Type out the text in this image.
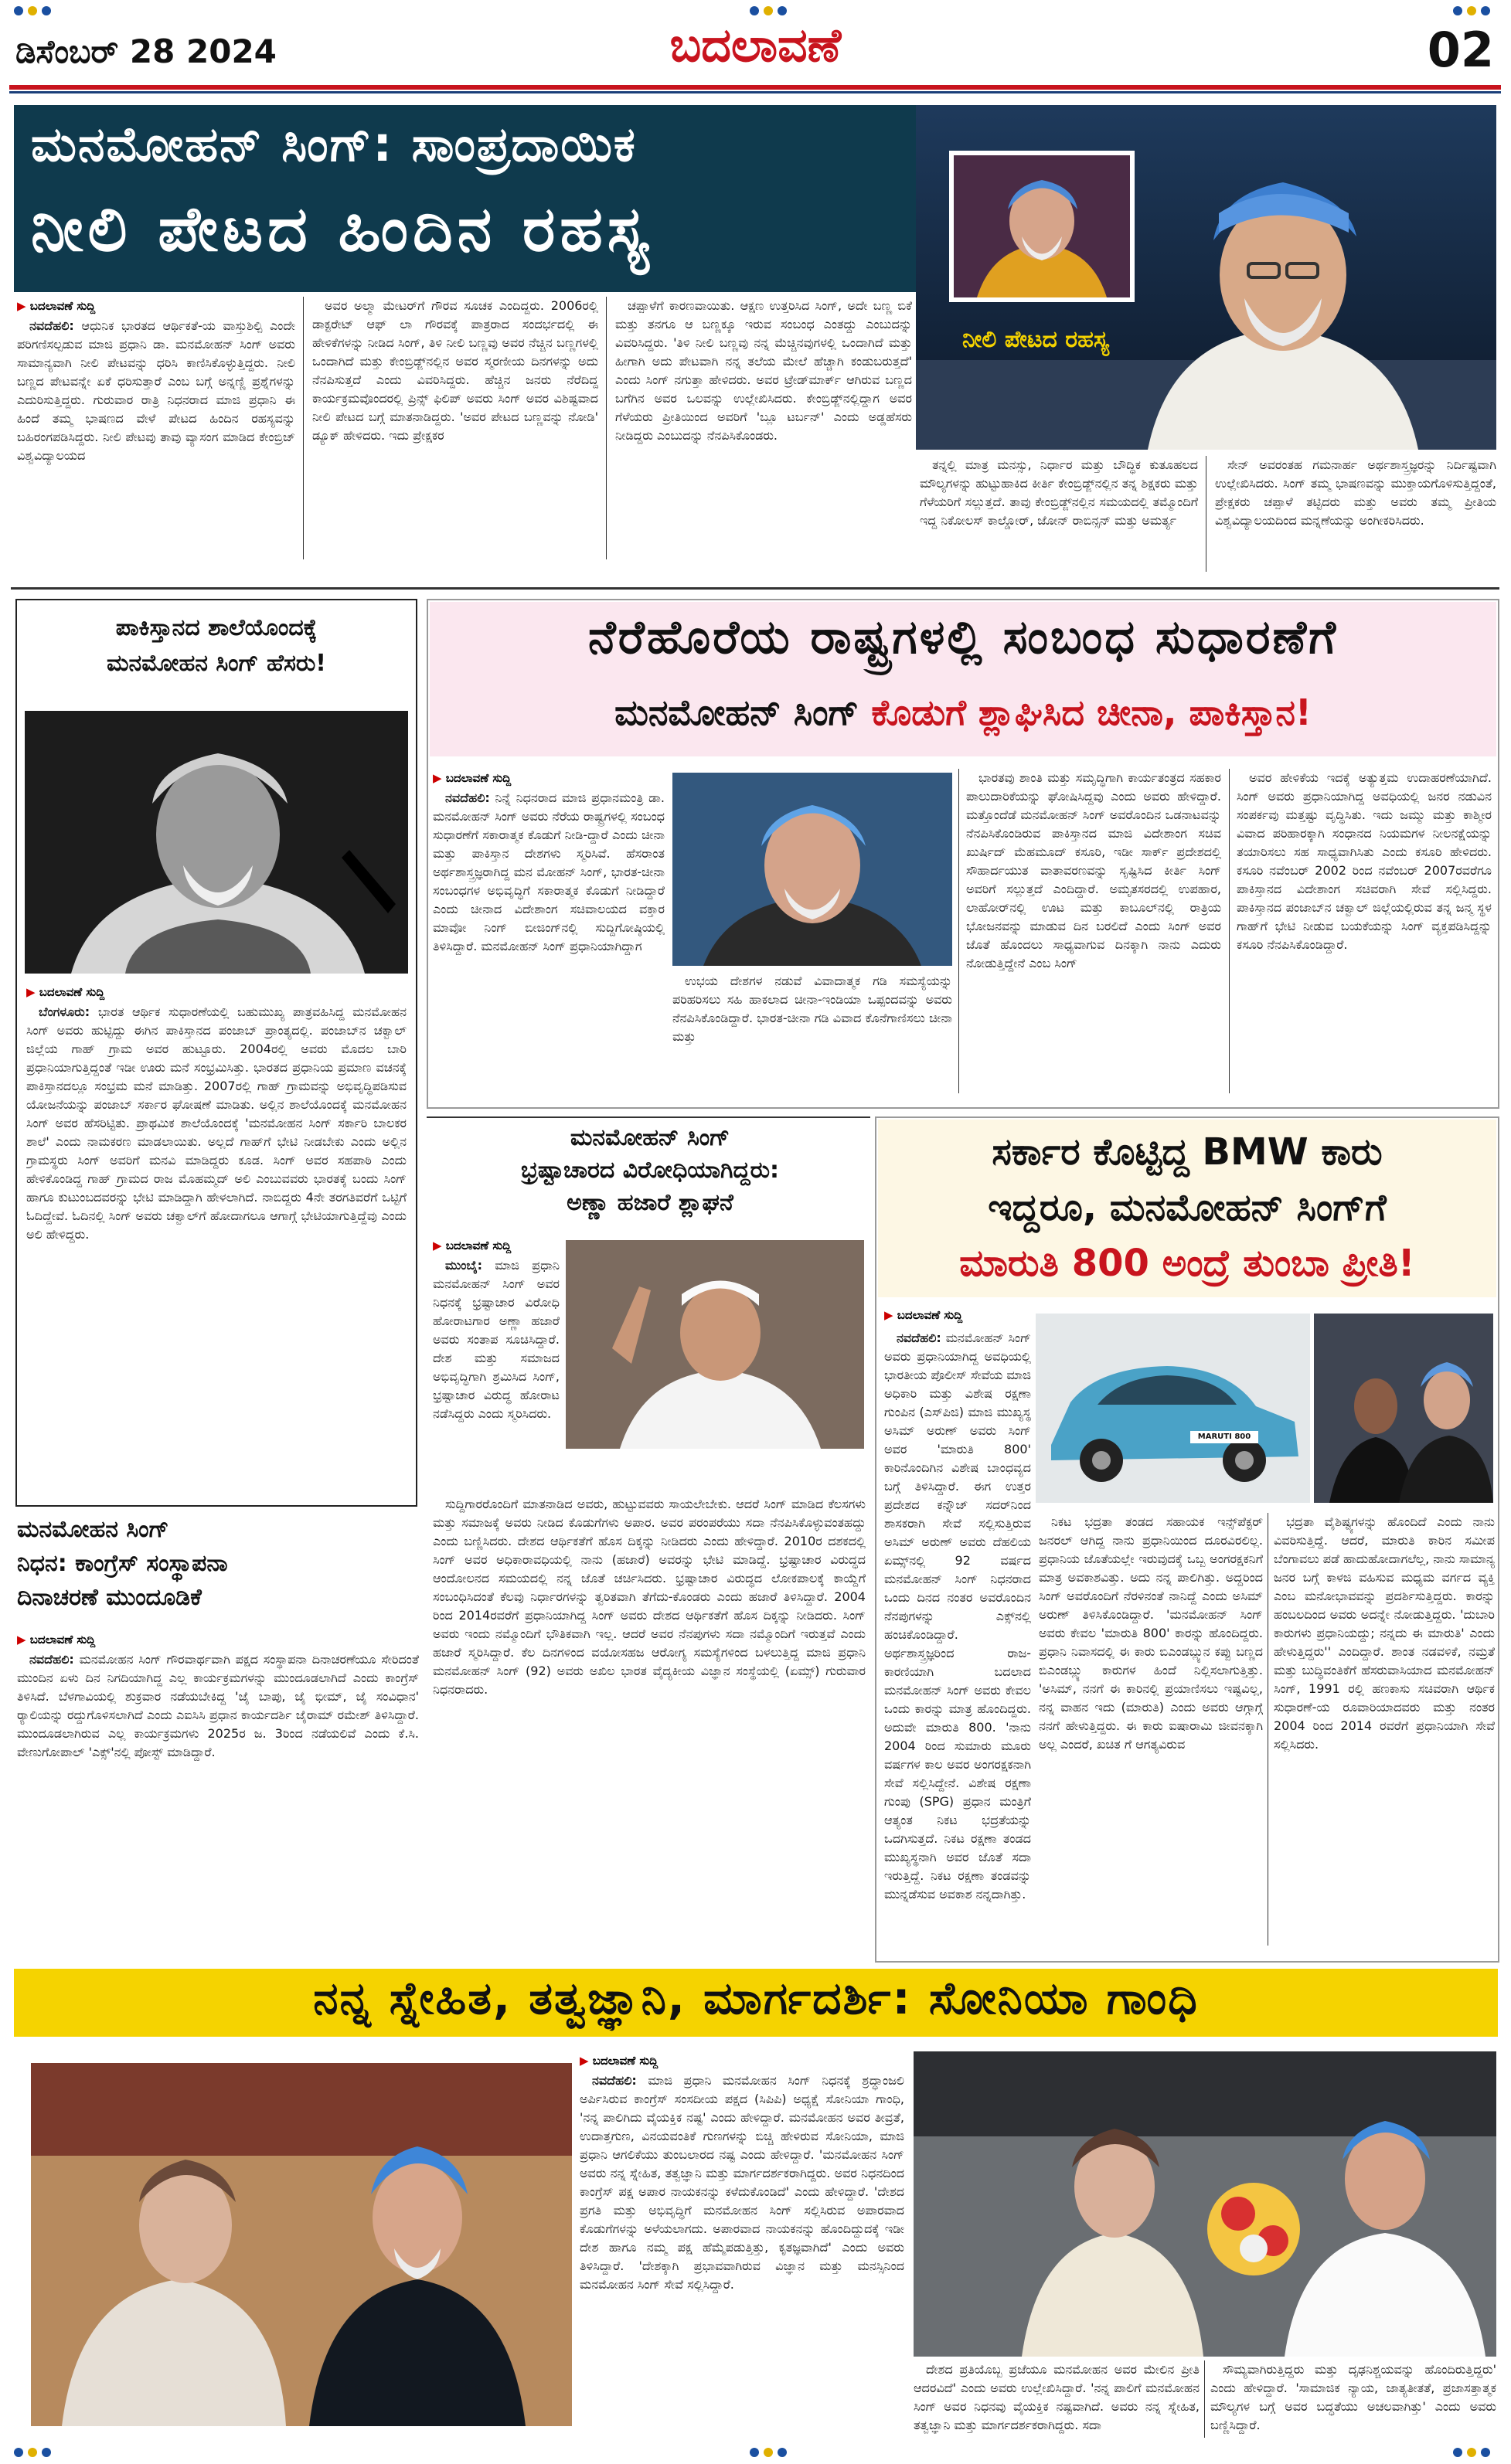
ಡಿಸೆಂಬರ್ 28 2024	ಬದಲಾವಣೆ	02
ಮನಮೋಹನ್ ಸಿಂಗ್: ಸಾಂಪ್ರದಾಯಿಕ
ನೀಲಿ ಪೇಟದ ಹಿಂದಿನ ರಹಸ್ಯ
ನೀಲಿ ಪೇಟದ ರಹಸ್ಯ
▶ ಬದಲಾವಣೆ ಸುದ್ದಿ

ನವದೆಹಲಿ: ಆಧುನಿಕ ಭಾರತದ ಆರ್ಥಿಕತೆ-ಯ ವಾಸ್ತುಶಿಲ್ಪಿ ಎಂದೇ ಪರಿಗಣಿಸಲ್ಪಡುವ ಮಾಜಿ ಪ್ರಧಾನಿ ಡಾ. ಮನಮೋಹನ್ ಸಿಂಗ್ ಅವರು ಸಾಮಾನ್ಯವಾಗಿ ನೀಲಿ ಪೇಟವನ್ನು ಧರಿಸಿ ಕಾಣಿಸಿಕೊಳ್ಳುತ್ತಿದ್ದರು. ನೀಲಿ ಬಣ್ಣದ ಪೇಟವನ್ನೇ ಏಕೆ ಧರಿಸುತ್ತಾರೆ ಎಂಬ ಬಗ್ಗೆ ಅನ್ನಣ್ಣಿ ಪ್ರಶ್ನೆಗಳನ್ನು ಎದುರಿಸುತ್ತಿದ್ದರು. ಗುರುವಾರ ರಾತ್ರಿ ನಿಧನರಾದ ಮಾಜಿ ಪ್ರಧಾನಿ ಈ ಹಿಂದೆ ತಮ್ಮ ಭಾಷಣದ ವೇಳೆ ಪೇಟದ ಹಿಂದಿನ ರಹಸ್ಯವನ್ನು ಬಹಿರಂಗಪಡಿಸಿದ್ದರು. ನೀಲಿ ಪೇಟವು ತಾವು ವ್ಯಾಸಂಗ ಮಾಡಿದ ಕೇಂಬ್ರಿಜ್ ವಿಶ್ವವಿದ್ಯಾಲಯದ

ಅವರ ಅಲ್ಮಾ ಮೇಟರ್‌ಗೆ ಗೌರವ ಸೂಚಕ ಎಂದಿದ್ದರು. 2006ರಲ್ಲಿ ಡಾಕ್ಟರೇಟ್ ಆಫ್ ಲಾ ಗೌರವಕ್ಕೆ ಪಾತ್ರರಾದ ಸಂದರ್ಭದಲ್ಲಿ ಈ ಹೇಳಿಕೆಗಳನ್ನು ನೀಡಿದ ಸಿಂಗ್, ತಿಳಿ ನೀಲಿ ಬಣ್ಣವು ಅವರ ನೆಚ್ಚಿನ ಬಣ್ಣಗಳಲ್ಲಿ ಒಂದಾಗಿದೆ ಮತ್ತು ಕೇಂಬ್ರಿಡ್ಜ್‌ನಲ್ಲಿನ ಅವರ ಸ್ಮರಣೀಯ ದಿನಗಳನ್ನು ಅದು ನೆನಪಿಸುತ್ತದೆ ಎಂದು ವಿವರಿಸಿದ್ದರು. ಹೆಚ್ಚಿನ ಜನರು ನೆರೆದಿದ್ದ ಕಾರ್ಯಕ್ರಮವೊಂದರಲ್ಲಿ ಪ್ರಿನ್ಸ್ ಫಿಲಿಪ್ ಅವರು ಸಿಂಗ್ ಅವರ ವಿಶಿಷ್ಟವಾದ ನೀಲಿ ಪೇಟದ ಬಗ್ಗೆ ಮಾತನಾಡಿದ್ದರು. 'ಅವರ ಪೇಟದ ಬಣ್ಣವನ್ನು ನೋಡಿ' ಡ್ಯೂಕ್ ಹೇಳಿದರು. ಇದು ಪ್ರೇಕ್ಷಕರ

ಚಪ್ಪಾಳೆಗೆ ಕಾರಣವಾಯಿತು. ಆಕ್ಷಣ ಉತ್ತರಿಸಿದ ಸಿಂಗ್, ಅದೇ ಬಣ್ಣ ಬಿಕೆ ಮತ್ತು ತನಗೂ ಆ ಬಣ್ಣಕ್ಕೂ ಇರುವ ಸಂಬಂಧ ಎಂತದ್ದು ಎಂಬುದನ್ನು ವಿವರಿಸಿದ್ದರು. 'ತಿಳಿ ನೀಲಿ ಬಣ್ಣವು ನನ್ನ ಮೆಚ್ಚಿನವುಗಳಲ್ಲಿ ಒಂದಾಗಿದೆ ಮತ್ತು ಹೀಗಾಗಿ ಅದು ಪೇಟವಾಗಿ ನನ್ನ ತಲೆಯ ಮೇಲೆ ಹೆಚ್ಚಾಗಿ ಕಂಡುಬರುತ್ತದೆ' ಎಂದು ಸಿಂಗ್ ನಗುತ್ತಾ ಹೇಳಿದರು. ಅವರ ಟ್ರೇಡ್‌ಮಾರ್ಕ್ ಆಗಿರುವ ಬಣ್ಣದ ಬಗೆಗಿನ ಅವರ ಒಲವನ್ನು ಉಲ್ಲೇಖಿಸಿದರು. ಕೇಂಬ್ರಿಡ್ಜ್‌ನಲ್ಲಿದ್ದಾಗ ಅವರ ಗೆಳೆಯರು ಪ್ರೀತಿಯಿಂದ ಅವರಿಗೆ 'ಬ್ಲೂ ಟರ್ಬನ್' ಎಂದು ಅಡ್ಡಹೆಸರು ನೀಡಿದ್ದರು ಎಂಬುದನ್ನು ನೆನಪಿಸಿಕೊಂಡರು.

ತನ್ನಲ್ಲಿ ಮಾತ್ರ ಮನಸ್ಸು, ನಿರ್ಧಾರ ಮತ್ತು ಬೌದ್ಧಿಕ ಕುತೂಹಲದ ಮೌಲ್ಯಗಳನ್ನು ಹುಟ್ಟುಹಾಕಿದ ಕೀರ್ತಿ ಕೇಂಬ್ರಿಡ್ಜ್‌ನಲ್ಲಿನ ತನ್ನ ಶಿಕ್ಷಕರು ಮತ್ತು ಗೆಳೆಯರಿಗೆ ಸಲ್ಲುತ್ತದೆ. ತಾವು ಕೇಂಬ್ರಿಡ್ಜ್‌ನಲ್ಲಿನ ಸಮಯದಲ್ಲಿ ತಮ್ಮೊಂದಿಗೆ ಇದ್ದ ನಿಕೋಲಸ್ ಕಾಲ್ಡೋರ್, ಜೋನ್ ರಾಬಿನ್ಸನ್ ಮತ್ತು ಅಮರ್ತ್ಯ

ಸೇನ್ ಅವರಂತಹ ಗಮನಾರ್ಹ ಅರ್ಥಶಾಸ್ತ್ರಜ್ಞರನ್ನು ನಿರ್ದಿಷ್ಟವಾಗಿ ಉಲ್ಲೇಖಿಸಿದರು. ಸಿಂಗ್ ತಮ್ಮ ಭಾಷಣವನ್ನು ಮುಕ್ತಾಯಗೊಳಿಸುತ್ತಿದ್ದಂತೆ, ಪ್ರೇಕ್ಷಕರು ಚಪ್ಪಾಳೆ ತಟ್ಟಿದರು ಮತ್ತು ಅವರು ತಮ್ಮ ಪ್ರೀತಿಯ ವಿಶ್ವವಿದ್ಯಾಲಯದಿಂದ ಮನ್ನಣೆಯನ್ನು ಅಂಗೀಕರಿಸಿದರು.

ಪಾಕಿಸ್ತಾನದ ಶಾಲೆಯೊಂದಕ್ಕೆ
ಮನಮೋಹನ ಸಿಂಗ್ ಹೆಸರು!
▶ ಬದಲಾವಣೆ ಸುದ್ದಿ

ಬೆಂಗಳೂರು: ಭಾರತ ಆರ್ಥಿಕ ಸುಧಾರಣೆಯಲ್ಲಿ ಬಹುಮುಖ್ಯ ಪಾತ್ರವಹಿಸಿದ್ದ ಮನಮೋಹನ ಸಿಂಗ್ ಅವರು ಹುಟ್ಟಿದ್ದು ಈಗಿನ ಪಾಕಿಸ್ತಾನದ ಪಂಜಾಬ್ ಪ್ರಾಂತ್ಯದಲ್ಲಿ. ಪಂಜಾಬ್‌ನ ಚಕ್ವಾಲ್ ಜಿಲ್ಲೆಯ ಗಾಹ್ ಗ್ರಾಮ ಅವರ ಹುಟ್ಟೂರು. 2004ರಲ್ಲಿ ಅವರು ಮೊದಲ ಬಾರಿ ಪ್ರಧಾನಿಯಾಗುತ್ತಿದ್ದಂತೆ ಇಡೀ ಊರು ಮನೆ ಸಂಭ್ರಮಿಸಿತ್ತು. ಭಾರತದ ಪ್ರಧಾನಿಯ ಪ್ರಮಾಣ ವಚನಕ್ಕೆ ಪಾಕಿಸ್ತಾನದಲ್ಲೂ ಸಂಭ್ರಮ ಮನೆ ಮಾಡಿತ್ತು. 2007ರಲ್ಲಿ ಗಾಹ್ ಗ್ರಾಮವನ್ನು ಅಭಿವೃದ್ಧಿಪಡಿಸುವ ಯೋಜನೆಯನ್ನು ಪಂಜಾಬ್ ಸರ್ಕಾರ ಘೋಷಣೆ ಮಾಡಿತು. ಅಲ್ಲಿನ ಶಾಲೆಯೊಂದಕ್ಕೆ ಮನಮೋಹನ ಸಿಂಗ್ ಅವರ ಹೆಸರಿಟ್ಟಿತು. ಪ್ರಾಥಮಿಕ ಶಾಲೆಯೊಂದಕ್ಕೆ 'ಮನಮೋಹನ ಸಿಂಗ್ ಸರ್ಕಾರಿ ಬಾಲಕರ ಶಾಲೆ' ಎಂದು ನಾಮಕರಣ ಮಾಡಲಾಯಿತು. ಅಲ್ಲದೆ ಗಾಹ್‌ಗೆ ಭೇಟಿ ನೀಡಬೇಕು ಎಂದು ಅಲ್ಲಿನ ಗ್ರಾಮಸ್ಥರು ಸಿಂಗ್ ಅವರಿಗೆ ಮನವಿ ಮಾಡಿದ್ದರು ಕೂಡ. ಸಿಂಗ್ ಅವರ ಸಹಪಾಠಿ ಎಂದು ಹೇಳಿಕೊಂಡಿದ್ದ ಗಾಹ್ ಗ್ರಾಮದ ರಾಜ ಮೊಹಮ್ಮದ್ ಅಲಿ ಎಂಬುವವರು ಭಾರತಕ್ಕೆ ಬಂದು ಸಿಂಗ್ ಹಾಗೂ ಕುಟುಂಬದವರನ್ನು ಭೇಟಿ ಮಾಡಿದ್ದಾಗಿ ಹೇಳಲಾಗಿದೆ. ನಾಬಿದ್ದರು 4ನೇ ತರಗತಿವರೆಗೆ ಒಟ್ಟಿಗೆ ಓದಿದ್ದೇವೆ. ಓದಿನಲ್ಲಿ ಸಿಂಗ್ ಅವರು ಚಕ್ವಾಲ್‌ಗೆ ಹೋದಾಗಲೂ ಆಗಾಗ್ಗೆ ಭೇಟಿಯಾಗುತ್ತಿದ್ದೆವು ಎಂದು ಅಲಿ ಹೇಳಿದ್ದರು.

ಮನಮೋಹನ ಸಿಂಗ್
ನಿಧನ: ಕಾಂಗ್ರೆಸ್ ಸಂಸ್ಥಾಪನಾ
ದಿನಾಚರಣೆ ಮುಂದೂಡಿಕೆ
▶ ಬದಲಾವಣೆ ಸುದ್ದಿ

ನವದೆಹಲಿ: ಮನಮೋಹನ ಸಿಂಗ್ ಗೌರವಾರ್ಥವಾಗಿ ಪಕ್ಷದ ಸಂಸ್ಥಾಪನಾ ದಿನಾಚರಣೆಯೂ ಸೇರಿದಂತೆ ಮುಂದಿನ ಏಳು ದಿನ ನಿಗದಿಯಾಗಿದ್ದ ಎಲ್ಲ ಕಾರ್ಯಕ್ರಮಗಳನ್ನು ಮುಂದೂಡಲಾಗಿದೆ ಎಂದು ಕಾಂಗ್ರೆಸ್ ತಿಳಿಸಿದೆ. ಬೆಳಗಾವಿಯಲ್ಲಿ ಶುಕ್ರವಾರ ನಡೆಯಬೇಕಿದ್ದ 'ಜೈ ಬಾಪು, ಜೈ ಭೀಮ್, ಜೈ ಸಂವಿಧಾನ' ರ್‍ಯಾಲಿಯನ್ನು ರದ್ದುಗೊಳಿಸಲಾಗಿದೆ ಎಂದು ಎಐಸಿಸಿ ಪ್ರಧಾನ ಕಾರ್ಯದರ್ಶಿ ಜೈರಾಮ್ ರಮೇಶ್ ತಿಳಿಸಿದ್ದಾರೆ. ಮುಂದೂಡಲಾಗಿರುವ ಎಲ್ಲ ಕಾರ್ಯಕ್ರಮಗಳು 2025ರ ಜ. 3ರಿಂದ ನಡೆಯಲಿವೆ ಎಂದು ಕೆ.ಸಿ. ವೇಣುಗೋಪಾಲ್ 'ಎಕ್ಸ್'ನಲ್ಲಿ ಪೋಸ್ಟ್ ಮಾಡಿದ್ದಾರೆ.

ನೆರೆಹೊರೆಯ ರಾಷ್ಟ್ರಗಳಲ್ಲಿ ಸಂಬಂಧ ಸುಧಾರಣೆಗೆ
ಮನಮೋಹನ್ ಸಿಂಗ್ ಕೊಡುಗೆ ಶ್ಲಾಘಿಸಿದ ಚೀನಾ, ಪಾಕಿಸ್ತಾನ!
▶ ಬದಲಾವಣೆ ಸುದ್ದಿ

ನವದೆಹಲಿ: ನಿನ್ನೆ ನಿಧನರಾದ ಮಾಜಿ ಪ್ರಧಾನಮಂತ್ರಿ ಡಾ. ಮನಮೋಹನ್ ಸಿಂಗ್ ಅವರು ನೆರೆಯ ರಾಷ್ಟ್ರಗಳಲ್ಲಿ ಸಂಬಂಧ ಸುಧಾರಣೆಗೆ ಸಕಾರಾತ್ಮಕ ಕೊಡುಗೆ ನೀಡಿ-ದ್ದಾರೆ ಎಂದು ಚೀನಾ ಮತ್ತು ಪಾಕಿಸ್ತಾನ ದೇಶಗಳು ಸ್ಮರಿಸಿವೆ. ಹೆಸರಾಂತ ಅರ್ಥಶಾಸ್ತ್ರಜ್ಞರಾಗಿದ್ದ ಮನ ಮೋಹನ್ ಸಿಂಗ್, ಭಾರತ-ಚೀನಾ ಸಂಬಂಧಗಳ ಅಭಿವೃದ್ಧಿಗೆ ಸಕಾರಾತ್ಮಕ ಕೊಡುಗೆ ನೀಡಿದ್ದಾರೆ ಎಂದು ಚೀನಾದ ವಿದೇಶಾಂಗ ಸಚಿವಾಲಯದ ವಕ್ತಾರ ಮಾವೋ ನಿಂಗ್ ಬೀಜಿಂಗ್‌ನಲ್ಲಿ ಸುದ್ದಿಗೋಷ್ಠಿಯಲ್ಲಿ ತಿಳಿಸಿದ್ದಾರೆ. ಮನಮೋಹನ್ ಸಿಂಗ್ ಪ್ರಧಾನಿಯಾಗಿದ್ದಾಗ

ಉಭಯ ದೇಶಗಳ ನಡುವೆ ವಿವಾದಾತ್ಮಕ ಗಡಿ ಸಮಸ್ಯೆಯನ್ನು ಪರಿಹರಿಸಲು ಸಹಿ ಹಾಕಲಾದ ಚೀನಾ-ಇಂಡಿಯಾ ಒಪ್ಪಂದವನ್ನು ಅವರು ನೆನಪಿಸಿಕೊಂಡಿದ್ದಾರೆ. ಭಾರತ-ಚೀನಾ ಗಡಿ ವಿವಾದ ಕೊನೆಗಾಣಿಸಲು ಚೀನಾ ಮತ್ತು

ಭಾರತವು ಶಾಂತಿ ಮತ್ತು ಸಮೃದ್ಧಿಗಾಗಿ ಕಾರ್ಯತಂತ್ರದ ಸಹಕಾರ ಪಾಲುದಾರಿಕೆಯನ್ನು ಘೋಷಿಸಿದ್ದವು ಎಂದು ಅವರು ಹೇಳಿದ್ದಾರೆ. ಮತ್ತೊಂದೆಡೆ ಮನಮೋಹನ್ ಸಿಂಗ್ ಅವರೊಂದಿನ ಒಡನಾಟವನ್ನು ನೆನಪಿಸಿಕೊಂಡಿರುವ ಪಾಕಿಸ್ತಾನದ ಮಾಜಿ ವಿದೇಶಾಂಗ ಸಚಿವ ಖುರ್ಷಿದ್ ಮೆಹಮೂದ್ ಕಸೂರಿ, ಇಡೀ ಸಾರ್ಕ್ ಪ್ರದೇಶದಲ್ಲಿ ಸೌಹಾರ್ದಯುತ ವಾತಾವರಣವನ್ನು ಸೃಷ್ಟಿಸಿದ ಕೀರ್ತಿ ಸಿಂಗ್ ಅವರಿಗೆ ಸಲ್ಲುತ್ತದೆ ಎಂದಿದ್ದಾರೆ. ಅಮೃತಸರದಲ್ಲಿ ಉಪಹಾರ, ಲಾಹೋರ್‌ನಲ್ಲಿ ಊಟ ಮತ್ತು ಕಾಬೂಲ್‌ನಲ್ಲಿ ರಾತ್ರಿಯ ಭೋಜನವನ್ನು ಮಾಡುವ ದಿನ ಬರಲಿದೆ ಎಂದು ಸಿಂಗ್ ಅವರ ಜೊತೆ ಹೊಂದಲು ಸಾಧ್ಯವಾಗುವ ದಿನಕ್ಕಾಗಿ ನಾನು ಎದುರು ನೋಡುತ್ತಿದ್ದೇನೆ ಎಂಬ ಸಿಂಗ್

ಅವರ ಹೇಳಿಕೆಯ ಇದಕ್ಕೆ ಅತ್ಯುತ್ತಮ ಉದಾಹರಣೆಯಾಗಿದೆ. ಸಿಂಗ್ ಅವರು ಪ್ರಧಾನಿಯಾಗಿದ್ದ ಅವಧಿಯಲ್ಲಿ ಜನರ ನಡುವಿನ ಸಂಪರ್ಕವು ಮತ್ತಷ್ಟು ವೃದ್ಧಿಸಿತು. ಇದು ಜಮ್ಮು ಮತ್ತು ಕಾಶ್ಮೀರ ವಿವಾದ ಪರಿಹಾರಕ್ಕಾಗಿ ಸಂಧಾನದ ನಿಯಮಗಳ ನೀಲನಕ್ಷೆಯನ್ನು ತಯಾರಿಸಲು ಸಹ ಸಾಧ್ಯವಾಗಿಸಿತು ಎಂದು ಕಸೂರಿ ಹೇಳಿದರು. ಕಸೂರಿ ನವೆಂಬರ್ 2002 ರಿಂದ ನವೆಂಬರ್ 2007ರವರೆಗೂ ಪಾಕಿಸ್ತಾನದ ವಿದೇಶಾಂಗ ಸಚಿವರಾಗಿ ಸೇವೆ ಸಲ್ಲಿಸಿದ್ದರು. ಪಾಕಿಸ್ತಾನದ ಪಂಜಾಬ್‌ನ ಚಕ್ವಾಲ್ ಜಿಲ್ಲೆಯಲ್ಲಿರುವ ತನ್ನ ಜನ್ಮ ಸ್ಥಳ ಗಾಹ್‌ಗೆ ಭೇಟಿ ನೀಡುವ ಬಯಕೆಯನ್ನು ಸಿಂಗ್ ವ್ಯಕ್ತಪಡಿಸಿದ್ದನ್ನು ಕಸೂರಿ ನೆನಪಿಸಿಕೊಂಡಿದ್ದಾರೆ.

ಮನಮೋಹನ್ ಸಿಂಗ್
ಭ್ರಷ್ಟಾಚಾರದ ವಿರೋಧಿಯಾಗಿದ್ದರು:
ಅಣ್ಣಾ ಹಜಾರೆ ಶ್ಲಾಘನೆ
▶ ಬದಲಾವಣೆ ಸುದ್ದಿ

ಮುಂಬೈ: ಮಾಜಿ ಪ್ರಧಾನಿ ಮನಮೋಹನ್ ಸಿಂಗ್ ಅವರ ನಿಧನಕ್ಕೆ ಭ್ರಷ್ಟಾಚಾರ ವಿರೋಧಿ ಹೋರಾಟಗಾರ ಅಣ್ಣಾ ಹಜಾರೆ ಅವರು ಸಂತಾಪ ಸೂಚಿಸಿದ್ದಾರೆ. ದೇಶ ಮತ್ತು ಸಮಾಜದ ಅಭಿವೃದ್ಧಿಗಾಗಿ ಶ್ರಮಿಸಿದ ಸಿಂಗ್, ಭ್ರಷ್ಟಾಚಾರ ವಿರುದ್ಧ ಹೋರಾಟ ನಡೆಸಿದ್ದರು ಎಂದು ಸ್ಮರಿಸಿದರು.

ಸುದ್ದಿಗಾರರೊಂದಿಗೆ ಮಾತನಾಡಿದ ಅವರು, ಹುಟ್ಟುವವರು ಸಾಯಲೇಬೇಕು. ಆದರೆ ಸಿಂಗ್ ಮಾಡಿದ ಕೆಲಸಗಳು ಮತ್ತು ಸಮಾಜಕ್ಕೆ ಅವರು ನೀಡಿದ ಕೊಡುಗೆಗಳು ಅಪಾರ. ಅವರ ಪರಂಪರೆಯು ಸದಾ ನೆನಪಿಸಿಕೊಳ್ಳುವಂತಹದ್ದು ಎಂದು ಬಣ್ಣಿಸಿದರು. ದೇಶದ ಆರ್ಥಿಕತೆಗೆ ಹೊಸ ದಿಕ್ಕನ್ನು ನೀಡಿದರು ಎಂದು ಹೇಳಿದ್ದಾರೆ. 2010ರ ದಶಕದಲ್ಲಿ ಸಿಂಗ್ ಅವರ ಅಧಿಕಾರಾವಧಿಯಲ್ಲಿ ನಾನು (ಹಜಾರೆ) ಅವರನ್ನು ಭೇಟಿ ಮಾಡಿದ್ದೆ. ಭ್ರಷ್ಟಾಚಾರ ವಿರುದ್ಧದ ಆಂದೋಲನದ ಸಮಯದಲ್ಲಿ ನನ್ನ ಜೊತೆ ಚರ್ಚಿಸಿದರು. ಭ್ರಷ್ಟಾಚಾರ ವಿರುದ್ಧದ ಲೋಕಪಾಲಕ್ಕೆ ಕಾಯ್ದೆಗೆ ಸಂಬಂಧಿಸಿದಂತೆ ಕೆಲವು ನಿರ್ಧಾರಗಳನ್ನು ತ್ವರಿತವಾಗಿ ತೆಗೆದು-ಕೊಂಡರು ಎಂದು ಹಜಾರೆ ತಿಳಿಸಿದ್ದಾರೆ. 2004 ರಿಂದ 2014ರವರೆಗೆ ಪ್ರಧಾನಿಯಾಗಿದ್ದ ಸಿಂಗ್ ಅವರು ದೇಶದ ಆರ್ಥಿಕತೆಗೆ ಹೊಸ ದಿಕ್ಕನ್ನು ನೀಡಿದರು. ಸಿಂಗ್ ಅವರು ಇಂದು ನಮ್ಮೊಂದಿಗೆ ಭೌತಿಕವಾಗಿ ಇಲ್ಲ. ಆದರೆ ಅವರ ನೆನಪುಗಳು ಸದಾ ನಮ್ಮೊಂದಿಗೆ ಇರುತ್ತವೆ ಎಂದು ಹಜಾರೆ ಸ್ಮರಿಸಿದ್ದಾರೆ. ಕೆಲ ದಿನಗಳಿಂದ ವಯೋಸಹಜ ಆರೋಗ್ಯ ಸಮಸ್ಯೆಗಳಿಂದ ಬಳಲುತ್ತಿದ್ದ ಮಾಜಿ ಪ್ರಧಾನಿ ಮನಮೋಹನ್ ಸಿಂಗ್ (92) ಅವರು ಅಖಿಲ ಭಾರತ ವೈದ್ಯಕೀಯ ವಿಜ್ಞಾನ ಸಂಸ್ಥೆಯಲ್ಲಿ (ಏಮ್ಸ್) ಗುರುವಾರ ನಿಧನರಾದರು.

ಸರ್ಕಾರ ಕೊಟ್ಟಿದ್ದ BMW ಕಾರು
ಇದ್ದರೂ, ಮನಮೋಹನ್ ಸಿಂಗ್‌ಗೆ
ಮಾರುತಿ 800 ಅಂದ್ರೆ ತುಂಬಾ ಪ್ರೀತಿ!
▶ ಬದಲಾವಣೆ ಸುದ್ದಿ
MARUTI 800

ನವದೆಹಲಿ: ಮನಮೋಹನ್ ಸಿಂಗ್ ಅವರು ಪ್ರಧಾನಿಯಾಗಿದ್ದ ಅವಧಿಯಲ್ಲಿ ಭಾರತೀಯ ಪೊಲೀಸ್ ಸೇವೆಯ ಮಾಜಿ ಅಧಿಕಾರಿ ಮತ್ತು ವಿಶೇಷ ರಕ್ಷಣಾ ಗುಂಪಿನ (ಎಸ್‌ಪಿಜಿ) ಮಾಜಿ ಮುಖ್ಯಸ್ಥ ಅಸಿಮ್ ಅರುಣ್ ಅವರು ಸಿಂಗ್ ಅವರ 'ಮಾರುತಿ 800' ಕಾರಿನೊಂದಿಗಿನ ವಿಶೇಷ ಬಾಂಧವ್ಯದ ಬಗ್ಗೆ ತಿಳಿಸಿದ್ದಾರೆ. ಈಗ ಉತ್ತರ ಪ್ರದೇಶದ ಕನ್ನೌಜ್ ಸದರ್‌ನಿಂದ ಶಾಸಕರಾಗಿ ಸೇವೆ ಸಲ್ಲಿಸುತ್ತಿರುವ ಅಸಿಮ್ ಅರುಣ್ ಅವರು ದೆಹಲಿಯ ಏಮ್ಸ್‌ನಲ್ಲಿ 92 ವರ್ಷದ ಮನಮೋಹನ್ ಸಿಂಗ್ ನಿಧನರಾದ ಒಂದು ದಿನದ ನಂತರ ಅವರೊಂದಿನ ನೆನಪುಗಳನ್ನು ಎಕ್ಸ್‌ನಲ್ಲಿ ಹಂಚಿಕೊಂಡಿದ್ದಾರೆ. ಅರ್ಥಶಾಸ್ತ್ರಜ್ಞರಿಂದ ರಾಜ-ಕಾರಣಿಯಾಗಿ ಬದಲಾದ ಮನಮೋಹನ್ ಸಿಂಗ್ ಅವರು ಕೇವಲ ಒಂದು ಕಾರನ್ನು ಮಾತ್ರ ಹೊಂದಿದ್ದರು. ಅದುವೇ ಮಾರುತಿ 800. 'ನಾನು 2004 ರಿಂದ ಸುಮಾರು ಮೂರು ವರ್ಷಗಳ ಕಾಲ ಅವರ ಅಂಗರಕ್ಷಕನಾಗಿ ಸೇವೆ ಸಲ್ಲಿಸಿದ್ದೇನೆ. ವಿಶೇಷ ರಕ್ಷಣಾ ಗುಂಪು (SPG) ಪ್ರಧಾನ ಮಂತ್ರಿಗೆ ಆತ್ಯಂತ ನಿಕಟ ಭದ್ರತೆಯನ್ನು ಒದಗಿಸುತ್ತದೆ. ನಿಕಟ ರಕ್ಷಣಾ ತಂಡದ ಮುಖ್ಯಸ್ಥನಾಗಿ ಅವರ ಜೊತೆ ಸದಾ ಇರುತ್ತಿದ್ದೆ. ನಿಕಟ ರಕ್ಷಣಾ ತಂಡವನ್ನು ಮುನ್ನಡೆಸುವ ಅವಕಾಶ ನನ್ನದಾಗಿತ್ತು.

ನಿಕಟ ಭದ್ರತಾ ತಂಡದ ಸಹಾಯಕ ಇನ್ಸ್‌ಪೆಕ್ಟರ್ ಜನರಲ್ ಆಗಿದ್ದ ನಾನು ಪ್ರಧಾನಿಯಿಂದ ದೂರವಿರಲಿಲ್ಲ. ಪ್ರಧಾನಿಯ ಜೊತೆಯಲ್ಲೇ ಇರುವುದಕ್ಕೆ ಒಬ್ಬ ಅಂಗರಕ್ಷಕನಿಗೆ ಮಾತ್ರ ಅವಕಾಶವಿತ್ತು. ಅದು ನನ್ನ ಪಾಲಿಗಿತ್ತು. ಅದ್ದರಿಂದ ಸಿಂಗ್ ಅವರೊಂದಿಗೆ ನೆರಳಿನಂತೆ ನಾನಿದ್ದೆ ಎಂದು ಅಸಿಮ್ ಅರುಣ್ ತಿಳಿಸಿಕೊಂಡಿದ್ದಾರೆ. 'ಮನಮೋಹನ್ ಸಿಂಗ್ ಅವರು ಕೇವಲ 'ಮಾರುತಿ 800' ಕಾರನ್ನು ಹೊಂದಿದ್ದರು. ಪ್ರಧಾನಿ ನಿವಾಸದಲ್ಲಿ ಈ ಕಾರು ಬಿಎಂಡಬ್ಲ್ಯುನ ಕಪ್ಪು ಬಣ್ಣದ ಬಿಎಂಡಬ್ಲ್ಯು ಕಾರುಗಳ ಹಿಂದೆ ನಿಲ್ಲಿಸಲಾಗುತ್ತಿತ್ತು. 'ಅಸಿಮ್, ನನಗೆ ಈ ಕಾರಿನಲ್ಲಿ ಪ್ರಯಾಣಿಸಲು ಇಷ್ಟವಿಲ್ಲ, ನನ್ನ ವಾಹನ ಇದು (ಮಾರುತಿ) ಎಂದು ಅವರು ಆಗ್ಗಾಗ್ಗೆ ನನಗೆ ಹೇಳುತ್ತಿದ್ದರು. ಈ ಕಾರು ಐಷಾರಾಮಿ ಜೀವನಕ್ಕಾಗಿ ಅಲ್ಲ ಎಂದರೆ, ಖಚಿತ ಗೆ ಆಗತ್ಯವಿರುವ

ಭದ್ರತಾ ವೈಶಿಷ್ಟ್ಯಗಳನ್ನು ಹೊಂದಿದೆ ಎಂದು ನಾನು ವಿವರಿಸುತ್ತಿದ್ದೆ. ಆದರೆ, ಮಾರುತಿ ಕಾರಿನ ಸಮೀಪ ಬೆಂಗಾವಲು ಪಡೆ ಹಾದುಹೋದಾಗಲೆಲ್ಲ, ನಾನು ಸಾಮಾನ್ಯ ಜನರ ಬಗ್ಗೆ ಕಾಳಜಿ ವಹಿಸುವ ಮಧ್ಯಮ ವರ್ಗದ ವ್ಯಕ್ತಿ ಎಂಬ ಮನೋಭಾವವನ್ನು ಪ್ರದರ್ಶಿಸುತ್ತಿದ್ದರು. ಕಾರನ್ನು ಹಂಬಲದಿಂದ ಅವರು ಅದನ್ನೇ ನೋಡುತ್ತಿದ್ದರು. 'ದುಬಾರಿ ಕಾರುಗಳು ಪ್ರಧಾನಿಯದ್ದು; ನನ್ನದು ಈ ಮಾರುತಿ' ಎಂದು ಹೇಳುತ್ತಿದ್ದರು'' ಎಂದಿದ್ದಾರೆ. ಶಾಂತ ನಡವಳಿಕೆ, ನಮ್ರತೆ ಮತ್ತು ಬುದ್ಧಿವಂತಿಕೆಗೆ ಹೆಸರುವಾಸಿಯಾದ ಮನಮೋಹನ್ ಸಿಂಗ್, 1991 ರಲ್ಲಿ ಹಣಕಾಸು ಸಚಿವರಾಗಿ ಆರ್ಥಿಕ ಸುಧಾರಣೆ-ಯ ರೂವಾರಿಯಾದವರು ಮತ್ತು ನಂತರ 2004 ರಿಂದ 2014 ರವರೆಗೆ ಪ್ರಧಾನಿಯಾಗಿ ಸೇವೆ ಸಲ್ಲಿಸಿದರು.

ನನ್ನ ಸ್ನೇಹಿತ, ತತ್ವಜ್ಞಾನಿ, ಮಾರ್ಗದರ್ಶಿ: ಸೋನಿಯಾ ಗಾಂಧಿ
▶ ಬದಲಾವಣೆ ಸುದ್ದಿ

ನವದೆಹಲಿ: ಮಾಜಿ ಪ್ರಧಾನಿ ಮನಮೋಹನ ಸಿಂಗ್ ನಿಧನಕ್ಕೆ ಶ್ರದ್ಧಾಂಜಲಿ ಅರ್ಪಿಸಿರುವ ಕಾಂಗ್ರೆಸ್ ಸಂಸದೀಯ ಪಕ್ಷದ (ಸಿಪಿಪಿ) ಅಧ್ಯಕ್ಷೆ ಸೋನಿಯಾ ಗಾಂಧಿ, 'ನನ್ನ ಪಾಲಿಗಿದು ವೈಯಕ್ತಿಕ ನಷ್ಟ' ಎಂದು ಹೇಳಿದ್ದಾರೆ. ಮನಮೋಹನ ಅವರ ತೀವ್ರತೆ, ಉದಾತ್ತಗುಣ, ವಿನಯವಂತಿಕೆ ಗುಣಗಳನ್ನು ಬಿಚ್ಚಿ ಹೇಳಿರುವ ಸೋನಿಯಾ, ಮಾಜಿ ಪ್ರಧಾನಿ ಆಗಲಿಕೆಯು ತುಂಬಲಾರದ ನಷ್ಟ ಎಂದು ಹೇಳಿದ್ದಾರೆ. 'ಮನಮೋಹನ ಸಿಂಗ್ ಅವರು ನನ್ನ ಸ್ನೇಹಿತ, ತತ್ವಜ್ಞಾನಿ ಮತ್ತು ಮಾರ್ಗದರ್ಶಕರಾಗಿದ್ದರು. ಅವರ ನಿಧನದಿಂದ ಕಾಂಗ್ರೆಸ್ ಪಕ್ಷ ಅಪಾರ ನಾಯಕನನ್ನು ಕಳೆದುಕೊಂಡಿದೆ' ಎಂದು ಹೇಳಿದ್ದಾರೆ. 'ದೇಶದ ಪ್ರಗತಿ ಮತ್ತು ಅಭಿವೃದ್ಧಿಗೆ ಮನಮೋಹನ ಸಿಂಗ್ ಸಲ್ಲಿಸಿರುವ ಅಪಾರವಾದ ಕೊಡುಗೆಗಳನ್ನು ಅಳೆಯಲಾಗದು. ಅಪಾರವಾದ ನಾಯಕನನ್ನು ಹೊಂದಿದ್ದುದಕ್ಕೆ ಇಡೀ ದೇಶ ಹಾಗೂ ನಮ್ಮ ಪಕ್ಷ ಹೆಮ್ಮೆಪಡುತ್ತಿತ್ತು, ಕೃತಜ್ಞವಾಗಿದೆ' ಎಂದು ಅವರು ತಿಳಿಸಿದ್ದಾರೆ. 'ದೇಶಕ್ಕಾಗಿ ಪ್ರಭಾವವಾಗಿರುವ ವಿಜ್ಞಾನ ಮತ್ತು ಮನಸ್ಸಿನಿಂದ ಮನಮೋಹನ ಸಿಂಗ್ ಸೇವೆ ಸಲ್ಲಿಸಿದ್ದಾರೆ.

ದೇಶದ ಪ್ರತಿಯೊಬ್ಬ ಪ್ರಜೆಯೂ ಮನಮೋಹನ ಅವರ ಮೇಲಿನ ಪ್ರೀತಿ ಆದರವಿದೆ' ಎಂದು ಅವರು ಉಲ್ಲೇಖಿಸಿದ್ದಾರೆ. 'ನನ್ನ ಪಾಲಿಗೆ ಮನಮೋಹನ ಸಿಂಗ್ ಅವರ ನಿಧನವು ವೈಯಕ್ತಿಕ ನಷ್ಟವಾಗಿದೆ. ಅವರು ನನ್ನ ಸ್ನೇಹಿತ, ತತ್ವಜ್ಞಾನಿ ಮತ್ತು ಮಾರ್ಗದರ್ಶಕರಾಗಿದ್ದರು. ಸದಾ

ಸೌಮ್ಯವಾಗಿರುತ್ತಿದ್ದರು ಮತ್ತು ದೃಢನಿಶ್ಚಯವನ್ನು ಹೊಂದಿರುತ್ತಿದ್ದರು' ಎಂದು ಹೇಳಿದ್ದಾರೆ. 'ಸಾಮಾಜಿಕ ನ್ಯಾಯ, ಜಾತ್ಯತೀತತೆ, ಪ್ರಜಾಸತ್ತಾತ್ಮಕ ಮೌಲ್ಯಗಳ ಬಗ್ಗೆ ಅವರ ಬದ್ಧತೆಯು ಅಚಲವಾಗಿತ್ತು' ಎಂದು ಅವರು ಬಣ್ಣಿಸಿದ್ದಾರೆ.
